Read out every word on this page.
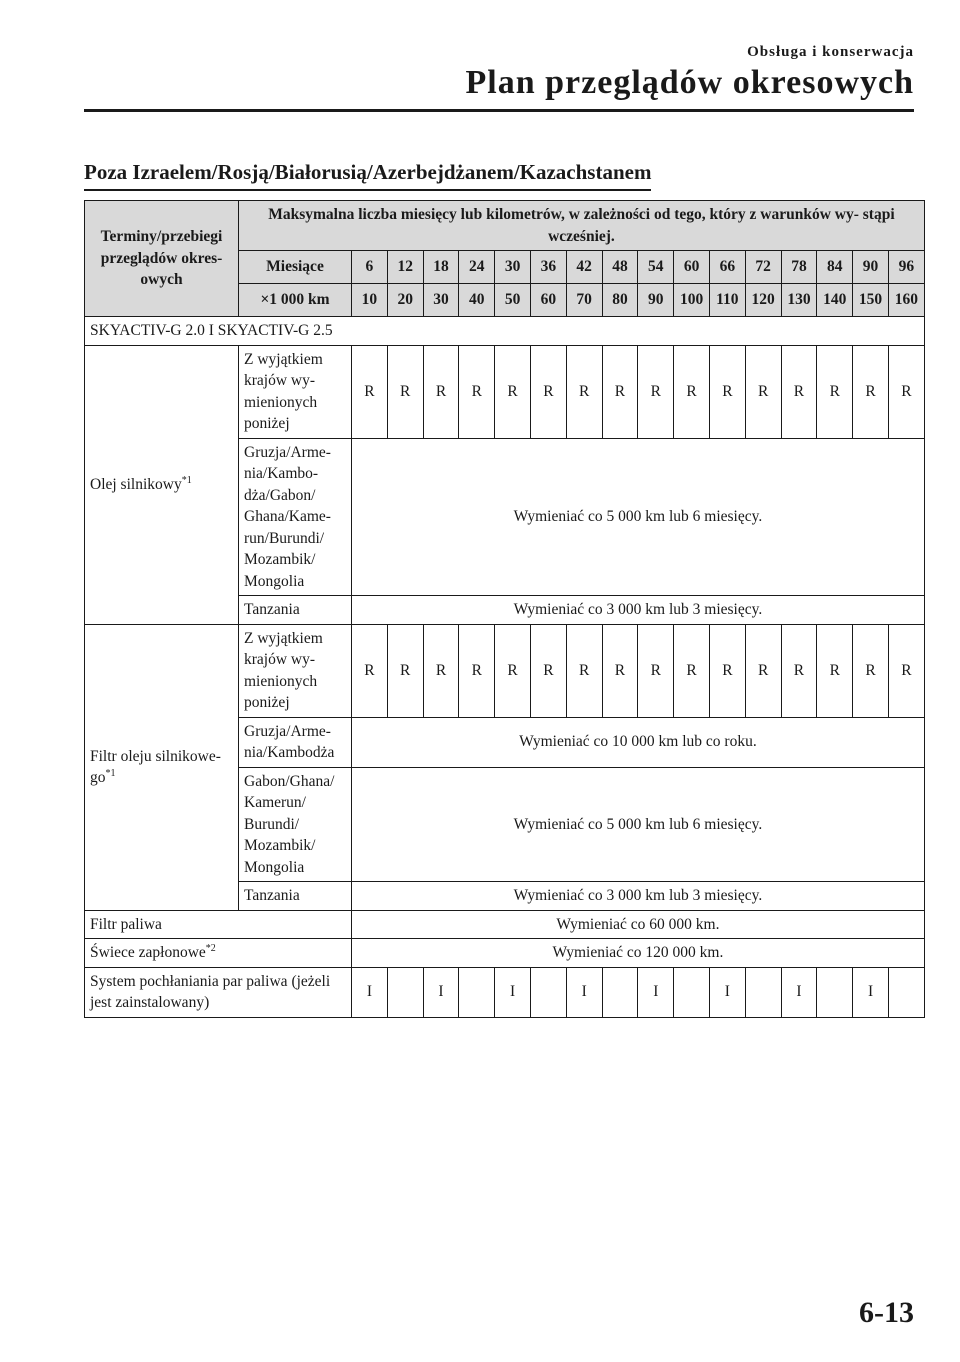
Obsługa i konserwacja
Plan przeglądów okresowych
Poza Izraelem/Rosją/Białorusią/Azerbejdżanem/Kazachstanem
Terminy/przebiegi przeglądów okres- owych	Maksymalna liczba miesięcy lub kilometrów, w zależności od tego, który z warunków wy- stąpi wcześniej.																
	Miesiące	6	12	18	24	30	36	42	48	54	60	66	72	78	84	90	96
	×1 000 km	10	20	30	40	50	60	70	80	90	100	110	120	130	140	150	160
SKYACTIV-G 2.0 I SKYACTIV-G 2.5																	
Olej silnikowy$^{*1}$	Z wyjątkiem krajów wy- mienionych poniżej	R	R	R	R	R	R	R	R	R	R	R	R	R	R	R	R
	Gruzja/Arme- nia/Kambo- dża/Gabon/ Ghana/Kame- run/Burundi/ Mozambik/ Mongolia	Wymieniać co 5 000 km lub 6 miesięcy.															
	Tanzania	Wymieniać co 3 000 km lub 3 miesięcy.															
Filtr oleju silnikowe- $go^{*1}$	Z wyjątkiem krajów wy- mienionych poniżej	R	R	R	R	R	R	R	R	R	R	R	R	R	R	R	R
	Gruzja/Arme- nia/Kambodża	Wymieniać co 10 000 km lub co roku.															
	Gabon/Ghana/ Kamerun/ Burundi/ Mozambik/ Mongolia	Wymieniać co 5 000 km lub 6 miesięcy.															
	Tanzania	Wymieniać co 3 000 km lub 3 miesięcy.															
Filtr paliwa		Wymieniać co 60 000 km.															
Świece zapłonowe$^{*2}$		Wymieniać co 120 000 km.															
System pochłaniania par paliwa (jeżeli jest zainstalowany)		I		I		I		I		I		I		I		I	
6-13
